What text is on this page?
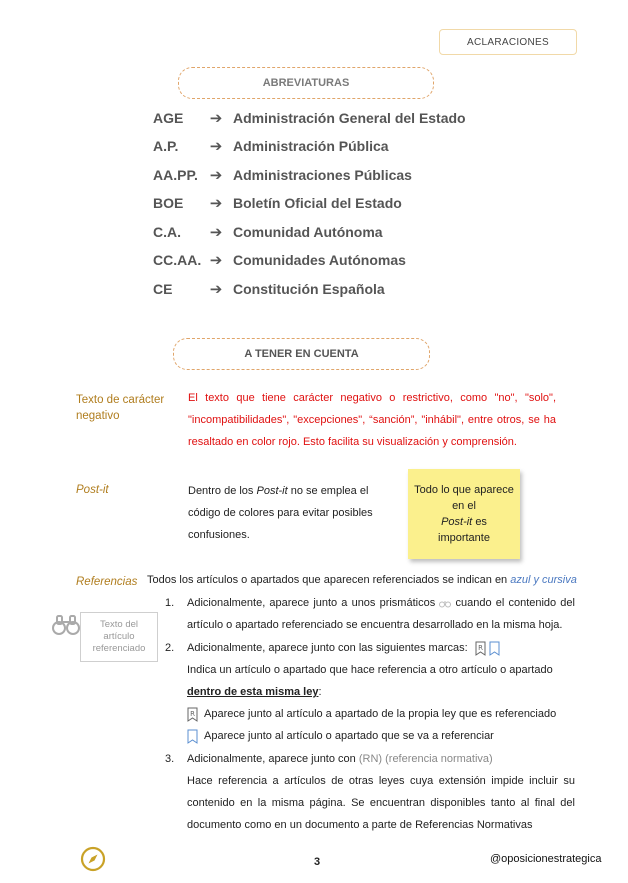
ACLARACIONES
ABREVIATURAS
AGE	➔ Administración General del Estado
A.P.	➔ Administración Pública
AA.PP. ➔ Administraciones Públicas
BOE	➔ Boletín Oficial del Estado
C.A.	➔ Comunidad Autónoma
CC.AA. ➔ Comunidades Autónomas
CE	➔ Constitución Española
A TENER EN CUENTA
Texto de carácter negativo
El texto que tiene carácter negativo o restrictivo, como "no", "solo", "incompatibilidades", "excepciones", “sanción”, "inhábil", entre otros, se ha resaltado en color rojo. Esto facilita su visualización y comprensión.
Post-it	Dentro de los Post-it no se emplea el código de colores para evitar posibles confusiones.
Todo lo que aparece en el
Post-it es importante
Referencias Todos los artículos o apartados que aparecen referenciados se indican en azul y cursiva
Texto del artículo referenciado
1. Adicionalmente, aparece junto a unos prismáticos cuando el contenido del artículo o apartado referenciado se encuentra desarrollado en la misma hoja.
2. Adicionalmente, aparece junto con las siguientes marcas: R

Indica un artículo o apartado que hace referencia a otro artículo o apartado
dentro de esta misma ley:
R Aparece junto al artículo a apartado de la propia ley que es referenciado
Aparece junto al artículo o apartado que se va a referenciar
3. Adicionalmente, aparece junto con (RN) (referencia normativa)
Hace referencia a artículos de otras leyes cuya extensión impide incluir su contenido en la misma página. Se encuentran disponibles tanto al final del documento como en un documento a parte de Referencias Normativas
3	@oposicionestrategica
